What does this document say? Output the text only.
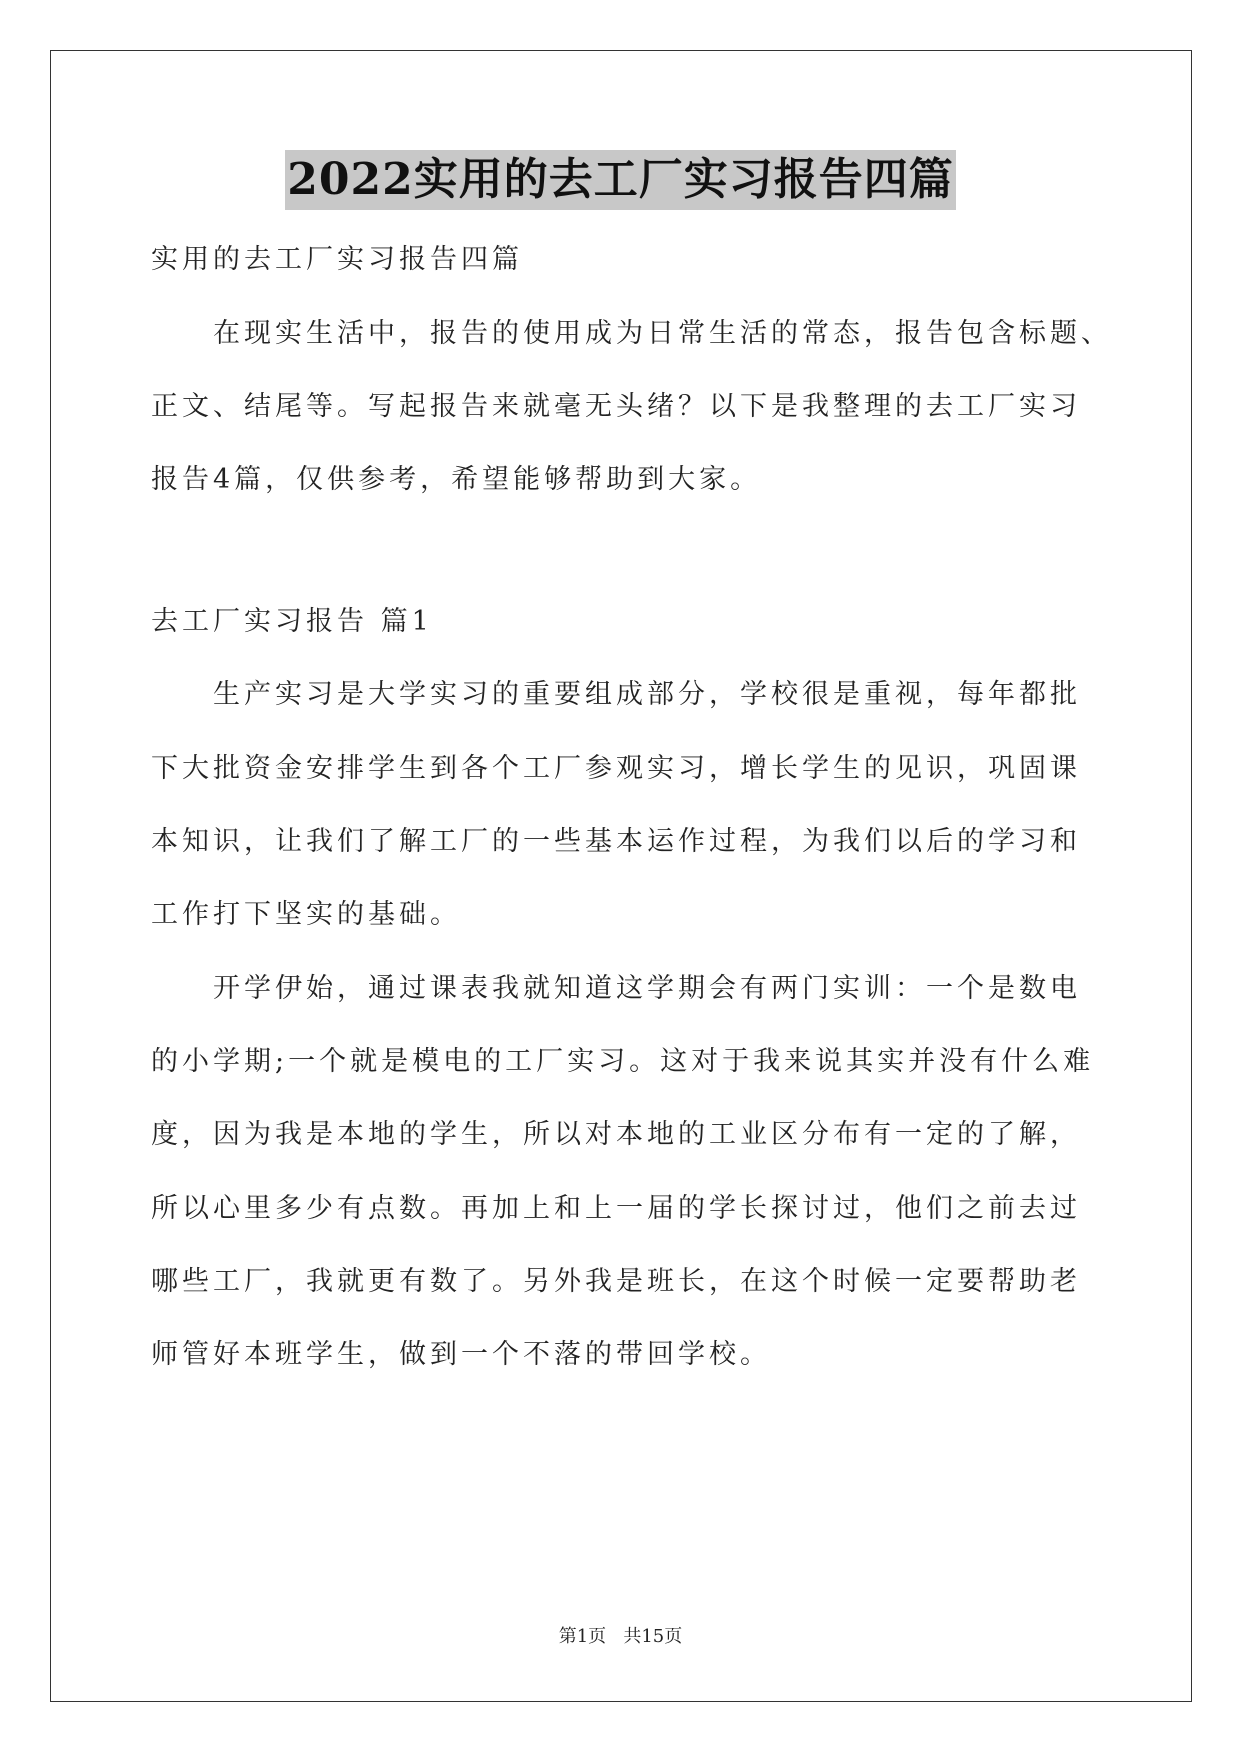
2022实用的去工厂实习报告四篇
实用的去工厂实习报告四篇
在现实生活中，报告的使用成为日常生活的常态，报告包含标题、
正文、结尾等。写起报告来就毫无头绪？以下是我整理的去工厂实习
报告4篇，仅供参考，希望能够帮助到大家。
去工厂实习报告 篇1
生产实习是大学实习的重要组成部分，学校很是重视，每年都批
下大批资金安排学生到各个工厂参观实习，增长学生的见识，巩固课
本知识，让我们了解工厂的一些基本运作过程，为我们以后的学习和
工作打下坚实的基础。
开学伊始，通过课表我就知道这学期会有两门实训：一个是数电
的小学期;一个就是模电的工厂实习。这对于我来说其实并没有什么难
度，因为我是本地的学生，所以对本地的工业区分布有一定的了解，
所以心里多少有点数。再加上和上一届的学长探讨过，他们之前去过
哪些工厂，我就更有数了。另外我是班长，在这个时候一定要帮助老
师管好本班学生，做到一个不落的带回学校。
第1页   共15页
